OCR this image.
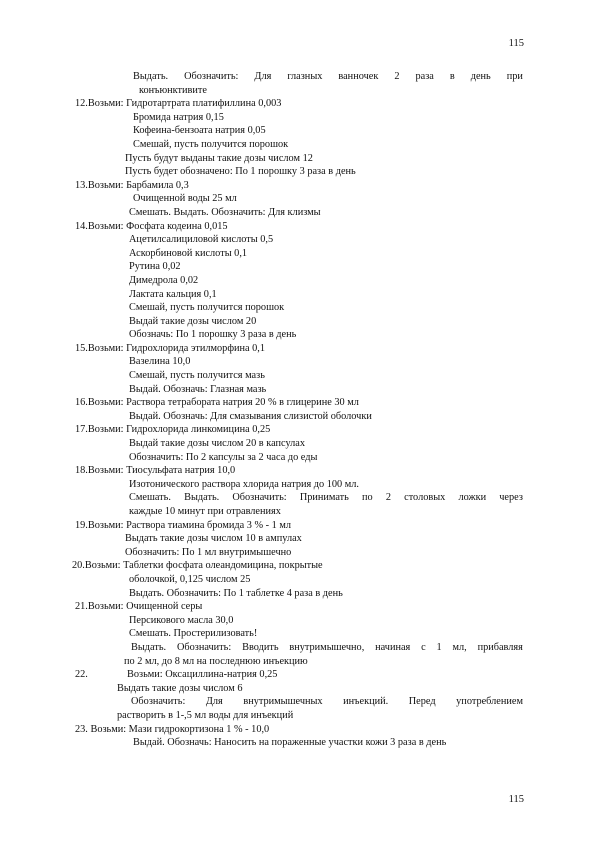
115
Выдать. Обозначить: Для глазных ванночек 2 раза в день при
конъюнктивите
12.Возьми: Гидротартрата платифиллина 0,003
Бромида натрия 0,15
Кофеина-бензоата натрия 0,05
Смешай, пусть получится порошок
Пусть будут выданы такие дозы числом 12
Пусть будет обозначено: По 1 порошку 3 раза в день
13.Возьми: Барбамила 0,3
Очищенной воды 25 мл
Смешать. Выдать. Обозначить: Для клизмы
14.Возьми: Фосфата кодеина 0,015
Ацетилсалициловой кислоты 0,5
Аскорбиновой кислоты 0,1
Рутина 0,02
Димедрола 0,02
Лактата кальция 0,1
Смешай, пусть получится порошок
Выдай такие дозы числом 20
Обозначь: По 1 порошку 3 раза в день
15.Возьми: Гидрохлорида этилморфина 0,1
Вазелина 10,0
Смешай, пусть получится мазь
Выдай. Обозначь: Глазная мазь
16.Возьми: Раствора тетрабората натрия 20 % в глицерине 30 мл
Выдай. Обозначь: Для смазывания слизистой оболочки
17.Возьми: Гидрохлорида линкомицина 0,25
Выдай такие дозы числом 20 в капсулах
Обозначить: По 2 капсулы за 2 часа до еды
18.Возьми: Тиосульфата натрия 10,0
Изотонического раствора хлорида натрия до 100 мл.
Смешать. Выдать. Обозначить: Принимать по 2 столовых ложки через
каждые 10 минут при отравлениях
19.Возьми: Раствора тиамина бромида 3 % - 1 мл
Выдать такие дозы числом 10 в ампулах
Обозначить: По 1 мл внутримышечно
20.Возьми: Таблетки фосфата олеандомицина, покрытые
оболочкой, 0,125 числом 25
Выдать. Обозначить: По 1 таблетке 4 раза в день
21.Возьми: Очищенной серы
Персикового масла 30,0
Смешать. Простерилизовать!
Выдать. Обозначить: Вводить внутримышечно, начиная с 1 мл, прибавляя
по 2 мл, до 8 мл на последнюю инъекцию
22.	Возьми: Оксациллина-натрия 0,25
Выдать такие дозы числом 6
Обозначить: Для внутримышечных инъекций. Перед употреблением
растворить в 1-,5 мл воды для инъекций
23. Возьми: Мази гидрокортизона 1 % - 10,0
Выдай. Обозначь: Наносить на пораженные участки кожи 3 раза в день
115
